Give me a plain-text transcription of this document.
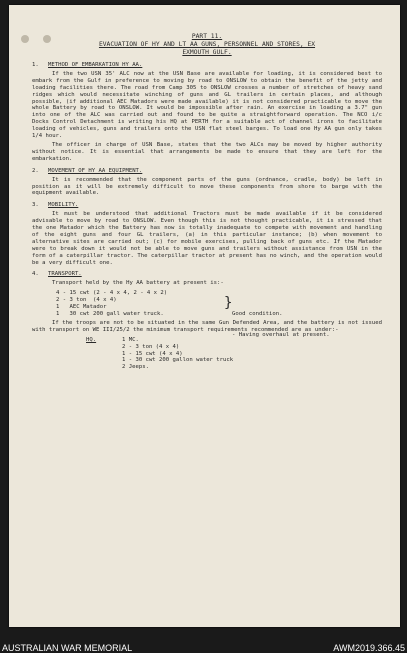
PART 11.
EVACUATION OF HY AND LT AA GUNS, PERSONNEL AND STORES, EX
EXMOUTH GULF.
1.	METHOD OF EMBARKATION HY AA.

If the two USN 35' ALC now at the USN Base are available for loading, it is considered best to embark from the Gulf in preference to moving by road to ONSLOW to obtain the benefit of the jetty and loading facilities there. The road from Camp 305 to ONSLOW crosses a number of stretches of heavy sand ridges which would necessitate winching of guns and GL trailers in certain places, and although possible, (if additional AEC Matadors were made available) it is not considered practicable to move the whole Battery by road to ONSLOW. It would be impossible after rain. An exercise in loading a 3.7" gun into one of the ALC was carried out and found to be quite a straightforward operation. The NCO i/c Docks Control Detachment is writing his HQ at PERTH for a suitable act of channel irons to facilitate loading of vehicles, guns and trailers onto the USN flat steel barges. To load one Hy AA gun only takes 1/4 hour.

The officer in charge of USN Base, states that the two ALCs may be moved by higher authority without notice. It is essential that arrangements be made to ensure that they are left for the embarkation.

2.	MOVEMENT OF HY AA EQUIPMENT.

It is recommended that the component parts of the guns (ordnance, cradle, body) be left in position as it will be extremely difficult to move these components from shore to barge with the equipment available.

3.	MOBILITY.

It must be understood that additional Tractors must be made available if it be considered advisable to move by road to ONSLOW. Even though this is not thought practicable, it is stressed that the one Matador which the Battery has now is totally inadequate to compete with movement and handling of the eight guns and four GL trailers, (a) in this particular instance; (b) when movement to alternative sites are carried out; (c) for mobile exercises, pulling back of guns etc. If the Matador were to break down it would not be able to move guns and trailers without assistance from USN in the form of a caterpillar tractor. The caterpillar tractor at present has no winch, and the operation would be a very difficult one.

4.	TRANSPORT.

Transport held by the Hy AA battery at present is:-

4 - 15 cwt (2 - 4 x 4, 2 - 4 x 2)
2 - 3 ton  (4 x 4)
1   AEC Matador
1   30 cwt 200 gall water truck.
}

Good condition.

- Having overhaul at present.

If the troops are not to be situated in the same Gun Defended Area, and the battery is not issued with transport on WE III/25/2 the minimum transport requirements recommended are as under:-

HQ.	1 MC.
2 - 3 ton (4 x 4)
1 - 15 cwt (4 x 4)
1 - 30 cwt 200 gallon water truck
2 Jeeps.
AUSTRALIAN WAR MEMORIAL	AWM2019.366.45
